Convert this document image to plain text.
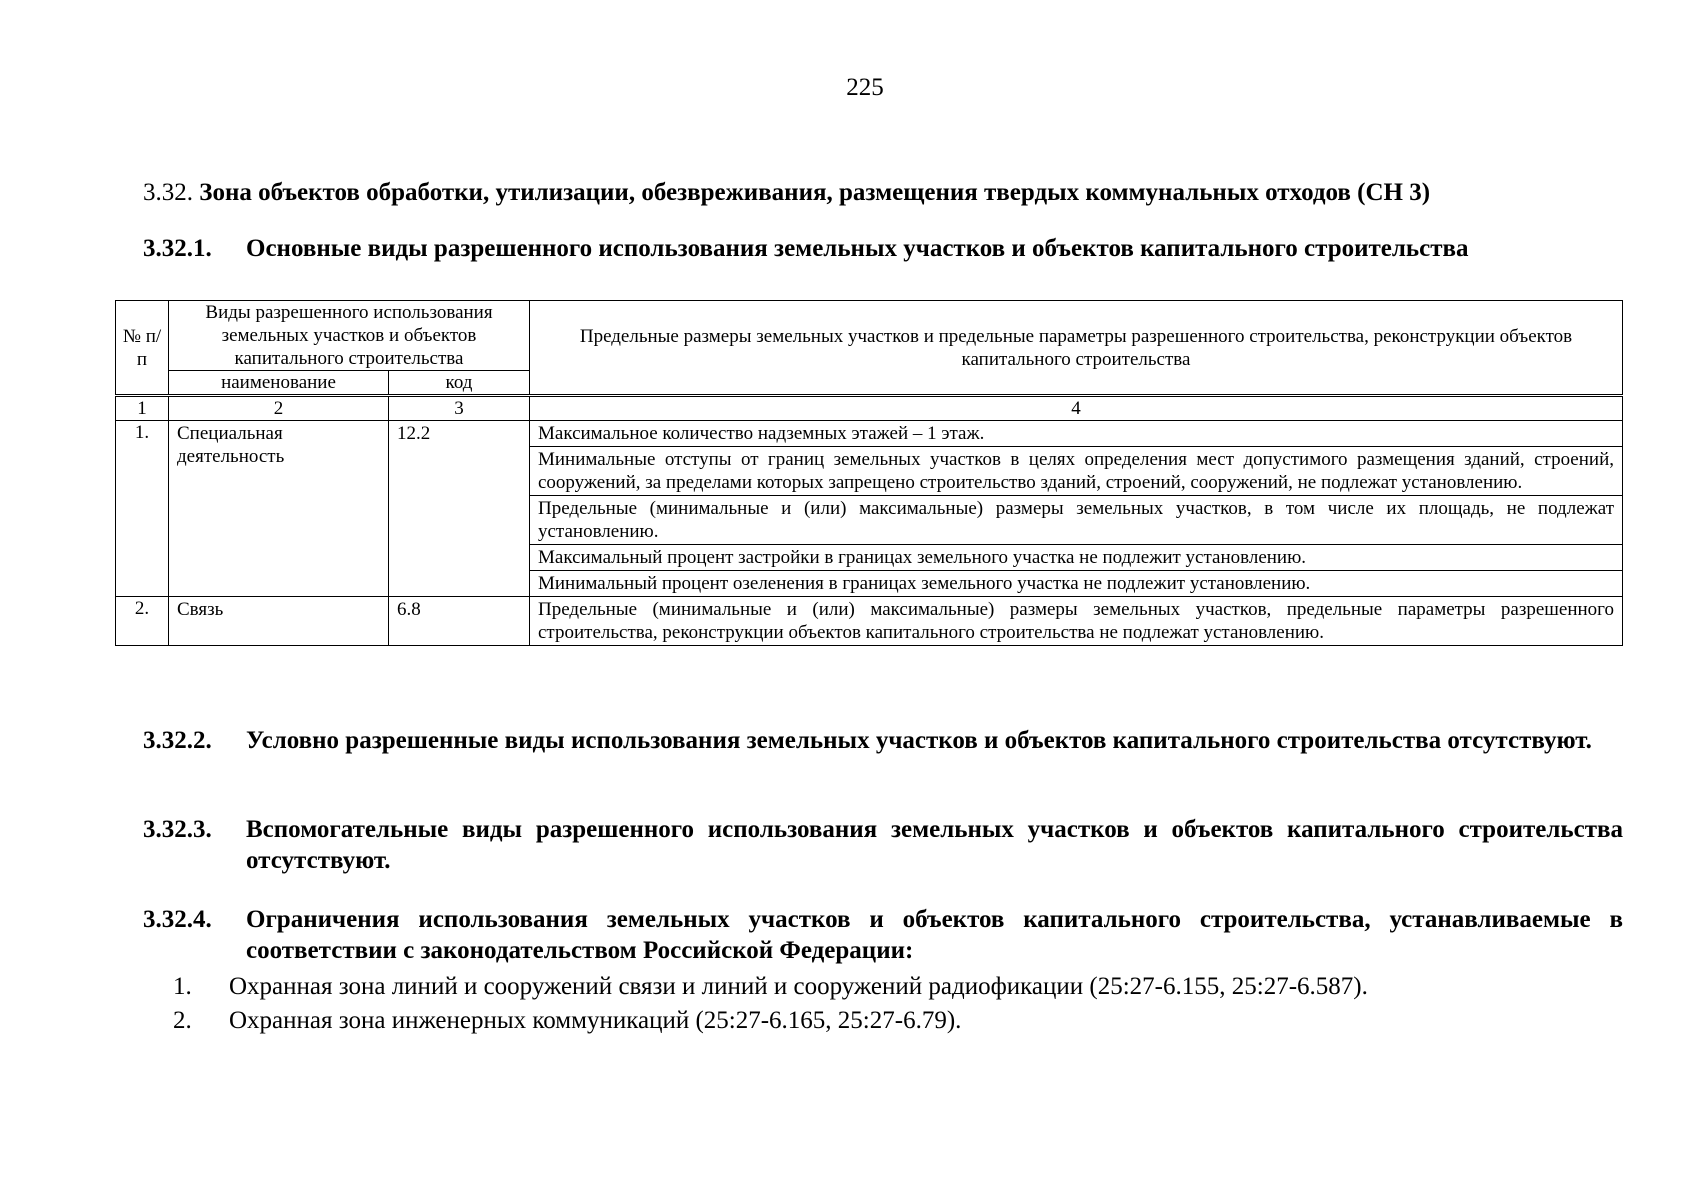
225
3.32. Зона объектов обработки, утилизации, обезвреживания, размещения твердых коммунальных отходов (СН 3)
3.32.1. Основные виды разрешенного использования земельных участков и объектов капитального строительства
№ п/п	Виды разрешенного использования земельных участков и объектов капитального строительства		Предельные размеры земельных участков и предельные параметры разрешенного строительства, реконструкции объектов капитального строительства
	наименование	код	
1	2	3	4
1.	Специальная деятельность	12.2	Максимальное количество надземных этажей – 1 этаж.
			Минимальные отступы от границ земельных участков в целях определения мест допустимого размещения зданий, строений, сооружений, за пределами которых запрещено строительство зданий, строений, сооружений, не подлежат установлению.
			Предельные (минимальные и (или) максимальные) размеры земельных участков, в том числе их площадь, не подлежат установлению.
			Максимальный процент застройки в границах земельного участка не подлежит установлению.
			Минимальный процент озеленения в границах земельного участка не подлежит установлению.
2.	Связь	6.8	Предельные (минимальные и (или) максимальные) размеры земельных участков, предельные параметры разрешенного строительства, реконструкции объектов капитального строительства не подлежат установлению.
3.32.2. Условно разрешенные виды использования земельных участков и объектов капитального строительства отсутствуют.
3.32.3. Вспомогательные виды разрешенного использования земельных участков и объектов капитального строительства отсутствуют.
3.32.4. Ограничения использования земельных участков и объектов капитального строительства, устанавливаемые в соответствии с законодательством Российской Федерации:
1. Охранная зона линий и сооружений связи и линий и сооружений радиофикации (25:27-6.155, 25:27-6.587).
2. Охранная зона инженерных коммуникаций (25:27-6.165, 25:27-6.79).
